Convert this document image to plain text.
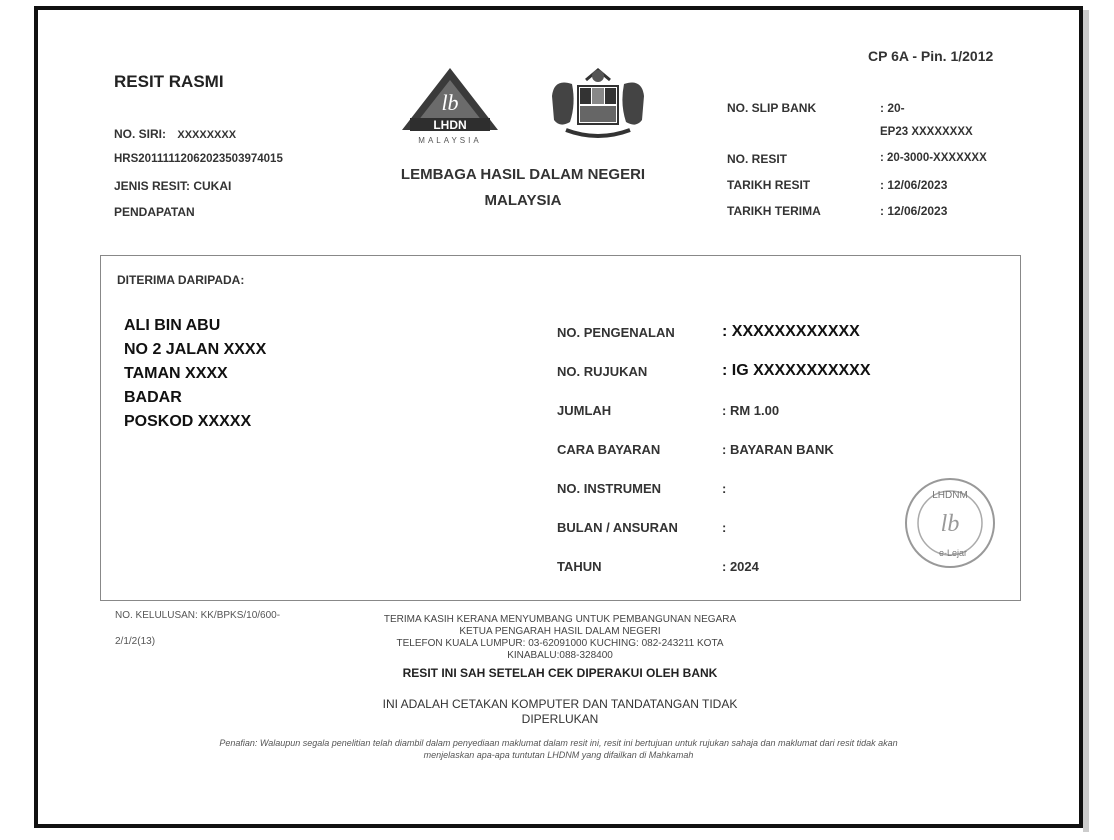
CP 6A - Pin. 1/2012
RESIT RASMI
NO. SIRI: XXXXXXXX
HRS2011111206202350397401​5
JENIS RESIT: CUKAI
PENDAPATAN
lb
LHDN
MALAYSIA
LEMBAGA HASIL DALAM NEGERI
MALAYSIA
NO. SLIP BANK	: 20-
EP23 XXXXXXXX
NO. RESIT	: 20-3000-XXXXXXX
TARIKH RESIT	: 12/06/2023
TARIKH TERIMA	: 12/06/2023
DITERIMA DARIPADA:
ALI BIN ABU
NO 2 JALAN XXXX
TAMAN XXXX
BADAR
POSKOD XXXXX
NO. PENGENALAN	: XXXXXXXXXXXX
NO. RUJUKAN	: IG XXXXXXXXXXX
JUMLAH	: RM 1.00
CARA BAYARAN	: BAYARAN BANK
NO. INSTRUMEN	:
BULAN / ANSURAN	:
TAHUN	: 2024
LHDNM
lb
e-Lejar
NO. KELULUSAN: KK/BPKS/10/600-
2/1/2(13)
TERIMA KASIH KERANA MENYUMBANG UNTUK PEMBANGUNAN NEGARA
KETUA PENGARAH HASIL DALAM NEGERI
TELEFON KUALA LUMPUR: 03-62091000 KUCHING: 082-243211 KOTA
KINABALU:088-328400
RESIT INI SAH SETELAH CEK DIPERAKUI OLEH BANK
INI ADALAH CETAKAN KOMPUTER DAN TANDATANGAN TIDAK
DIPERLUKAN
Penafian: Walaupun segala penelitian telah diambil dalam penyediaan maklumat dalam resit ini, resit ini bertujuan untuk rujukan sahaja dan maklumat dari resit tidak akan
menjelaskan apa-apa tuntutan LHDNM yang difailkan di Mahkamah
